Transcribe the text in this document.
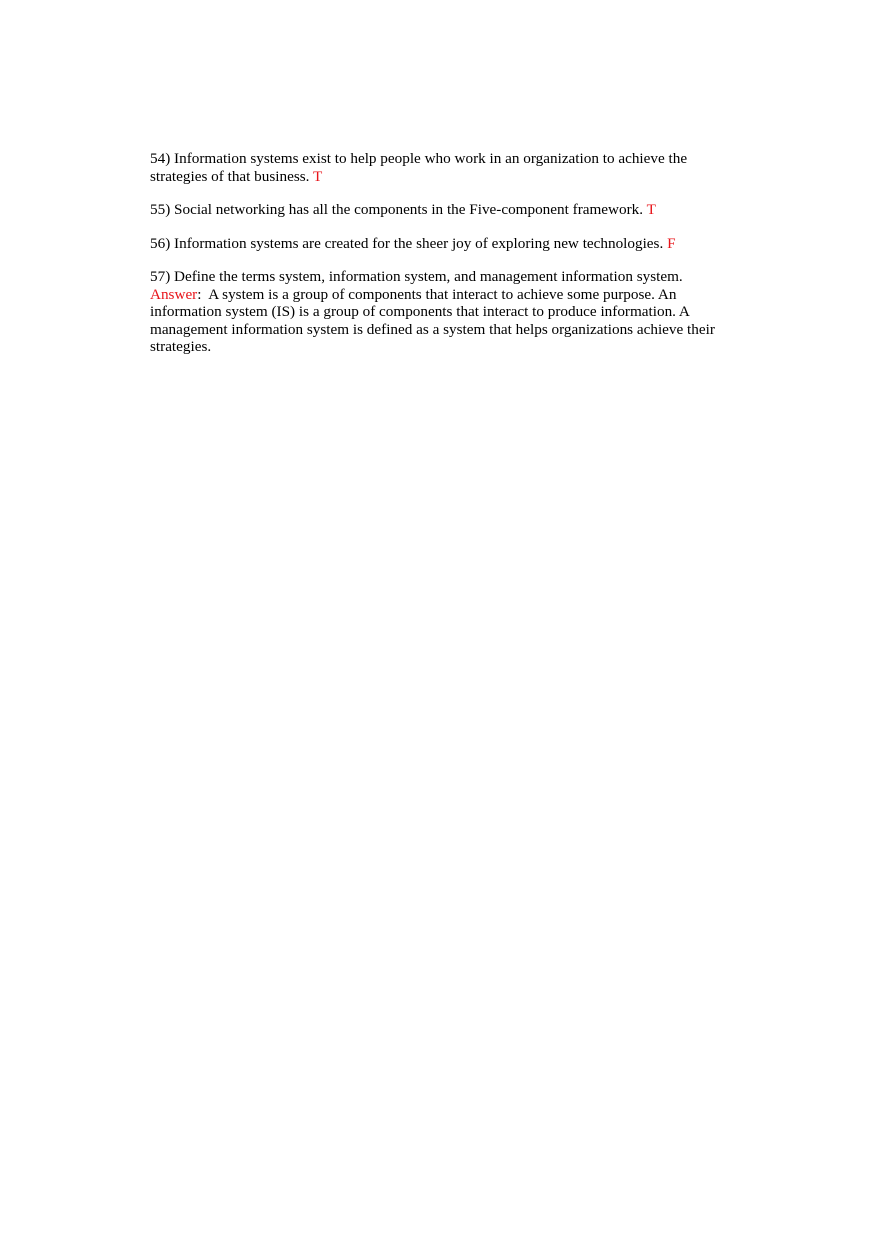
54) Information systems exist to help people who work in an organization to achieve the strategies of that business. T

55) Social networking has all the components in the Five-component framework. T

56) Information systems are created for the sheer joy of exploring new technologies. F

57) Define the terms system, information system, and management information system.

Answer: A system is a group of components that interact to achieve some purpose. An information system (IS) is a group of components that interact to produce information. A management information system is defined as a system that helps organizations achieve their strategies.
